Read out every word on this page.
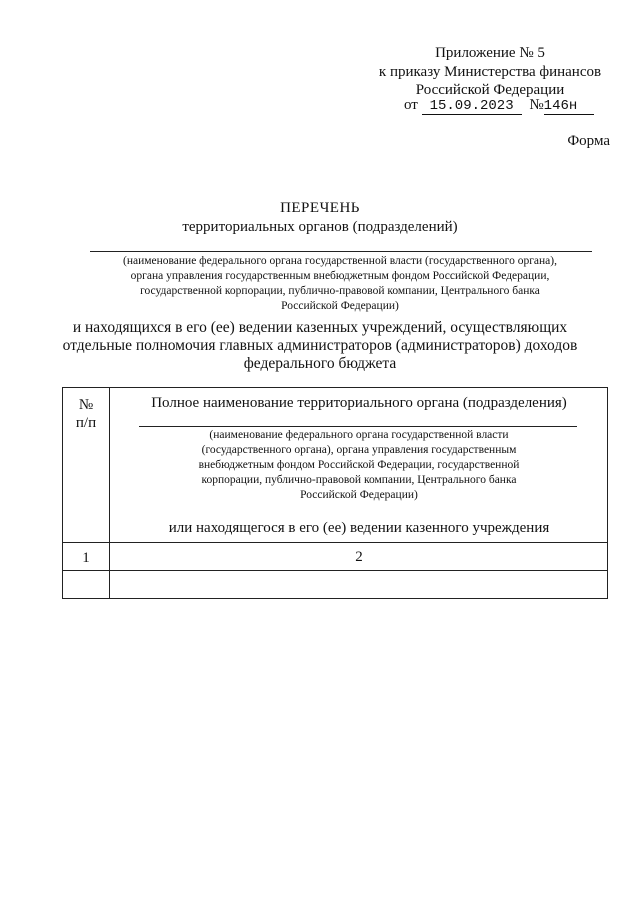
Приложение № 5
к приказу Министерства финансов
Российской Федерации
от 15.09.2023 №146н
Форма
ПЕРЕЧЕНЬ
территориальных органов (подразделений)
(наименование федерального органа государственной власти (государственного органа),
органа управления государственным внебюджетным фондом Российской Федерации,
государственной корпорации, публично-правовой компании, Центрального банка
Российской Федерации)
и находящихся в его (ее) ведении казенных учреждений, осуществляющих
отдельные полномочия главных администраторов (администраторов) доходов
федерального бюджета
№
п/п
Полное наименование территориального органа (подразделения)
(наименование федерального органа государственной власти
(государственного органа), органа управления государственным
внебюджетным фондом Российской Федерации, государственной
корпорации, публично-правовой компании, Центрального банка
Российской Федерации)
или находящегося в его (ее) ведении казенного учреждения
1	2
